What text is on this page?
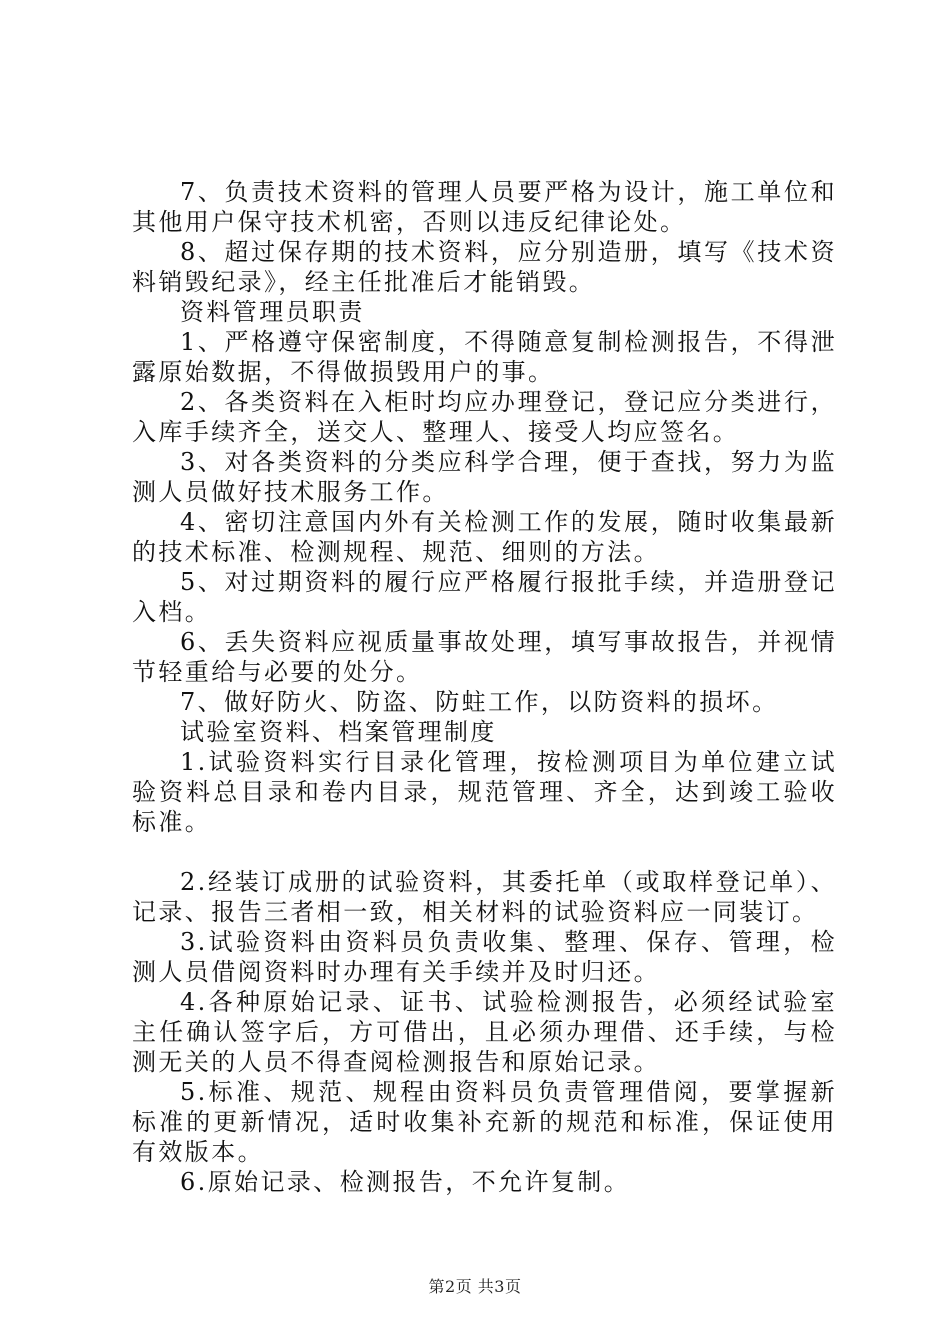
7、负责技术资料的管理人员要严格为设计，施工单位和其他用户保守技术机密，否则以违反纪律论处。

8、超过保存期的技术资料，应分别造册，填写《技术资料销毁纪录》，经主任批准后才能销毁。

资料管理员职责

1、严格遵守保密制度，不得随意复制检测报告，不得泄露原始数据，不得做损毁用户的事。

2、各类资料在入柜时均应办理登记，登记应分类进行，入库手续齐全，送交人、整理人、接受人均应签名。

3、对各类资料的分类应科学合理，便于查找，努力为监测人员做好技术服务工作。

4、密切注意国内外有关检测工作的发展，随时收集最新的技术标准、检测规程、规范、细则的方法。

5、对过期资料的履行应严格履行报批手续，并造册登记入档。

6、丢失资料应视质量事故处理，填写事故报告，并视情节轻重给与必要的处分。

7、做好防火、防盗、防蛀工作，以防资料的损坏。

试验室资料、档案管理制度

1.试验资料实行目录化管理，按检测项目为单位建立试验资料总目录和卷内目录，规范管理、齐全，达到竣工验收标准。

2.经装订成册的试验资料，其委托单（或取样登记单）、记录、报告三者相一致，相关材料的试验资料应一同装订。

3.试验资料由资料员负责收集、整理、保存、管理，检测人员借阅资料时办理有关手续并及时归还。

4.各种原始记录、证书、试验检测报告，必须经试验室主任确认签字后，方可借出，且必须办理借、还手续，与检测无关的人员不得查阅检测报告和原始记录。

5.标准、规范、规程由资料员负责管理借阅，要掌握新标准的更新情况，适时收集补充新的规范和标准，保证使用有效版本。

6.原始记录、检测报告，不允许复制。

第2页 共3页
